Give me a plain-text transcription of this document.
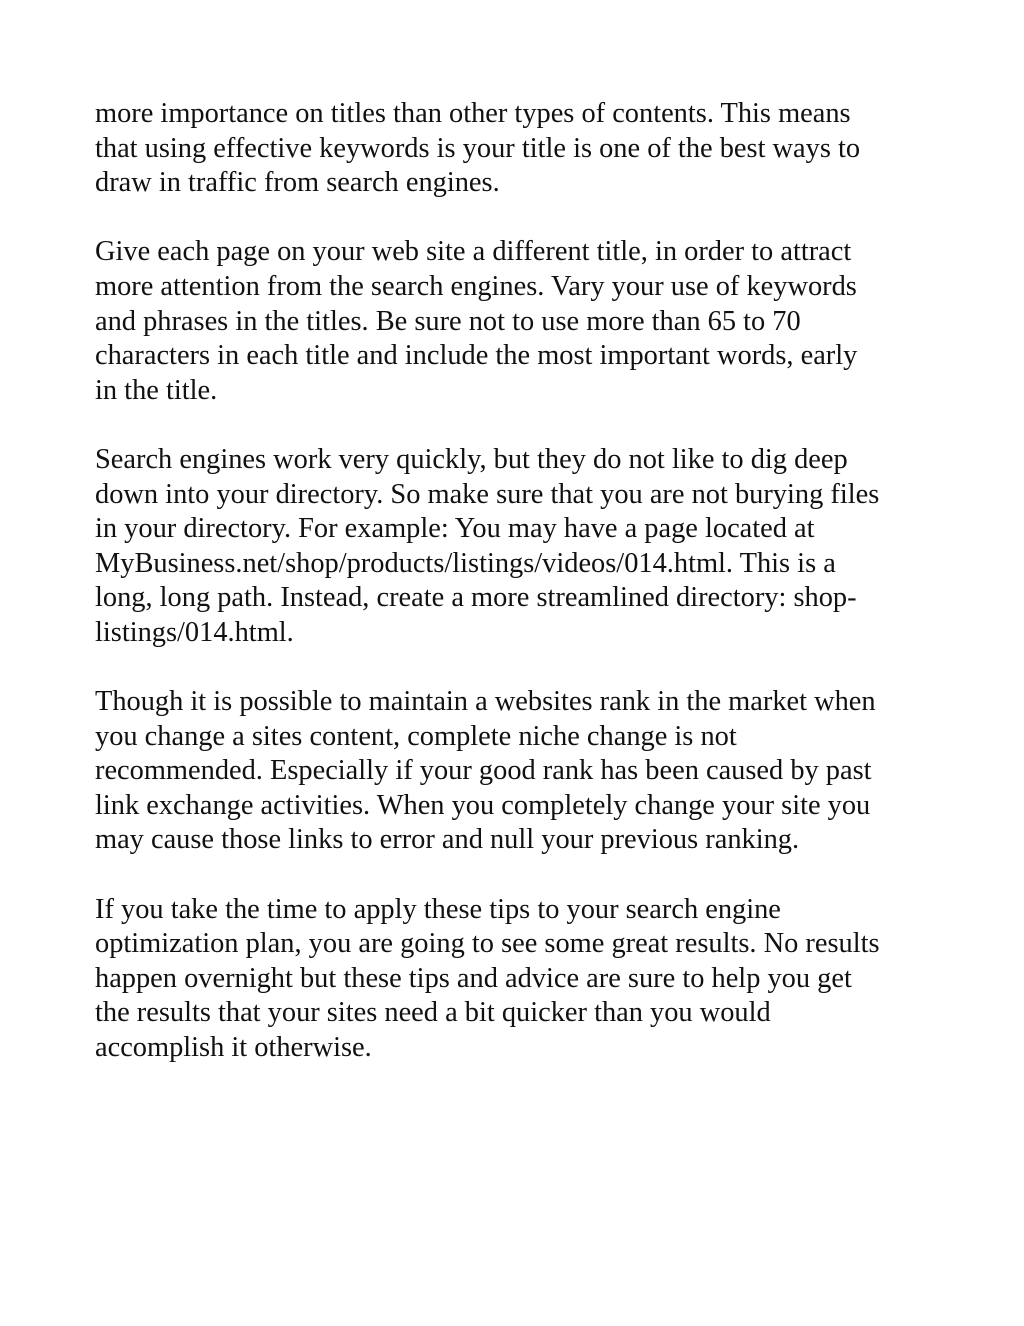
more importance on titles than other types of contents. This means
that using effective keywords is your title is one of the best ways to
draw in traffic from search engines.

Give each page on your web site a different title, in order to attract
more attention from the search engines. Vary your use of keywords
and phrases in the titles. Be sure not to use more than 65 to 70
characters in each title and include the most important words, early
in the title.

Search engines work very quickly, but they do not like to dig deep
down into your directory. So make sure that you are not burying files
in your directory. For example: You may have a page located at
MyBusiness.net/shop/products/listings/videos/014.html. This is a
long, long path. Instead, create a more streamlined directory: shop-
listings/014.html.

Though it is possible to maintain a websites rank in the market when
you change a sites content, complete niche change is not
recommended. Especially if your good rank has been caused by past
link exchange activities. When you completely change your site you
may cause those links to error and null your previous ranking.

If you take the time to apply these tips to your search engine
optimization plan, you are going to see some great results. No results
happen overnight but these tips and advice are sure to help you get
the results that your sites need a bit quicker than you would
accomplish it otherwise.
